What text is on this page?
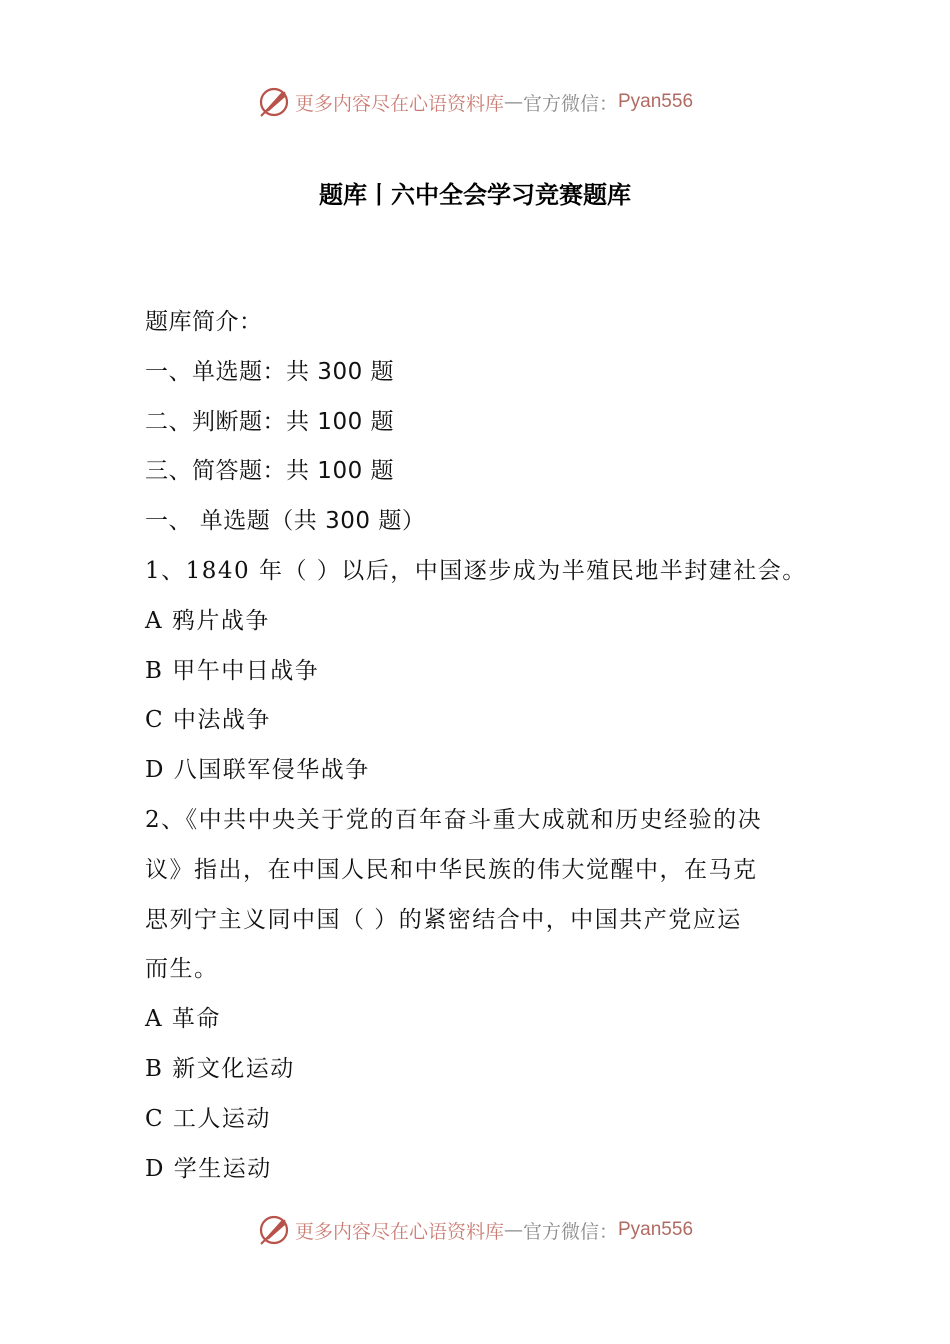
更多内容尽在心语资料库 — 官方微信： Pyan556
题库丨六中全会学习竞赛题库
题库简介：
一、单选题：共 300 题
二、判断题：共 100 题
三、简答题：共 100 题
一、 单选题（共 300 题）
1、1840 年（ ）以后，中国逐步成为半殖民地半封建社会。
A 鸦片战争
B 甲午中日战争
C 中法战争
D 八国联军侵华战争
2、《中共中央关于党的百年奋斗重大成就和历史经验的决
议》指出，在中国人民和中华民族的伟大觉醒中，在马克
思列宁主义同中国（ ）的紧密结合中，中国共产党应运
而生。
A 革命
B 新文化运动
C 工人运动
D 学生运动
更多内容尽在心语资料库 — 官方微信： Pyan556
